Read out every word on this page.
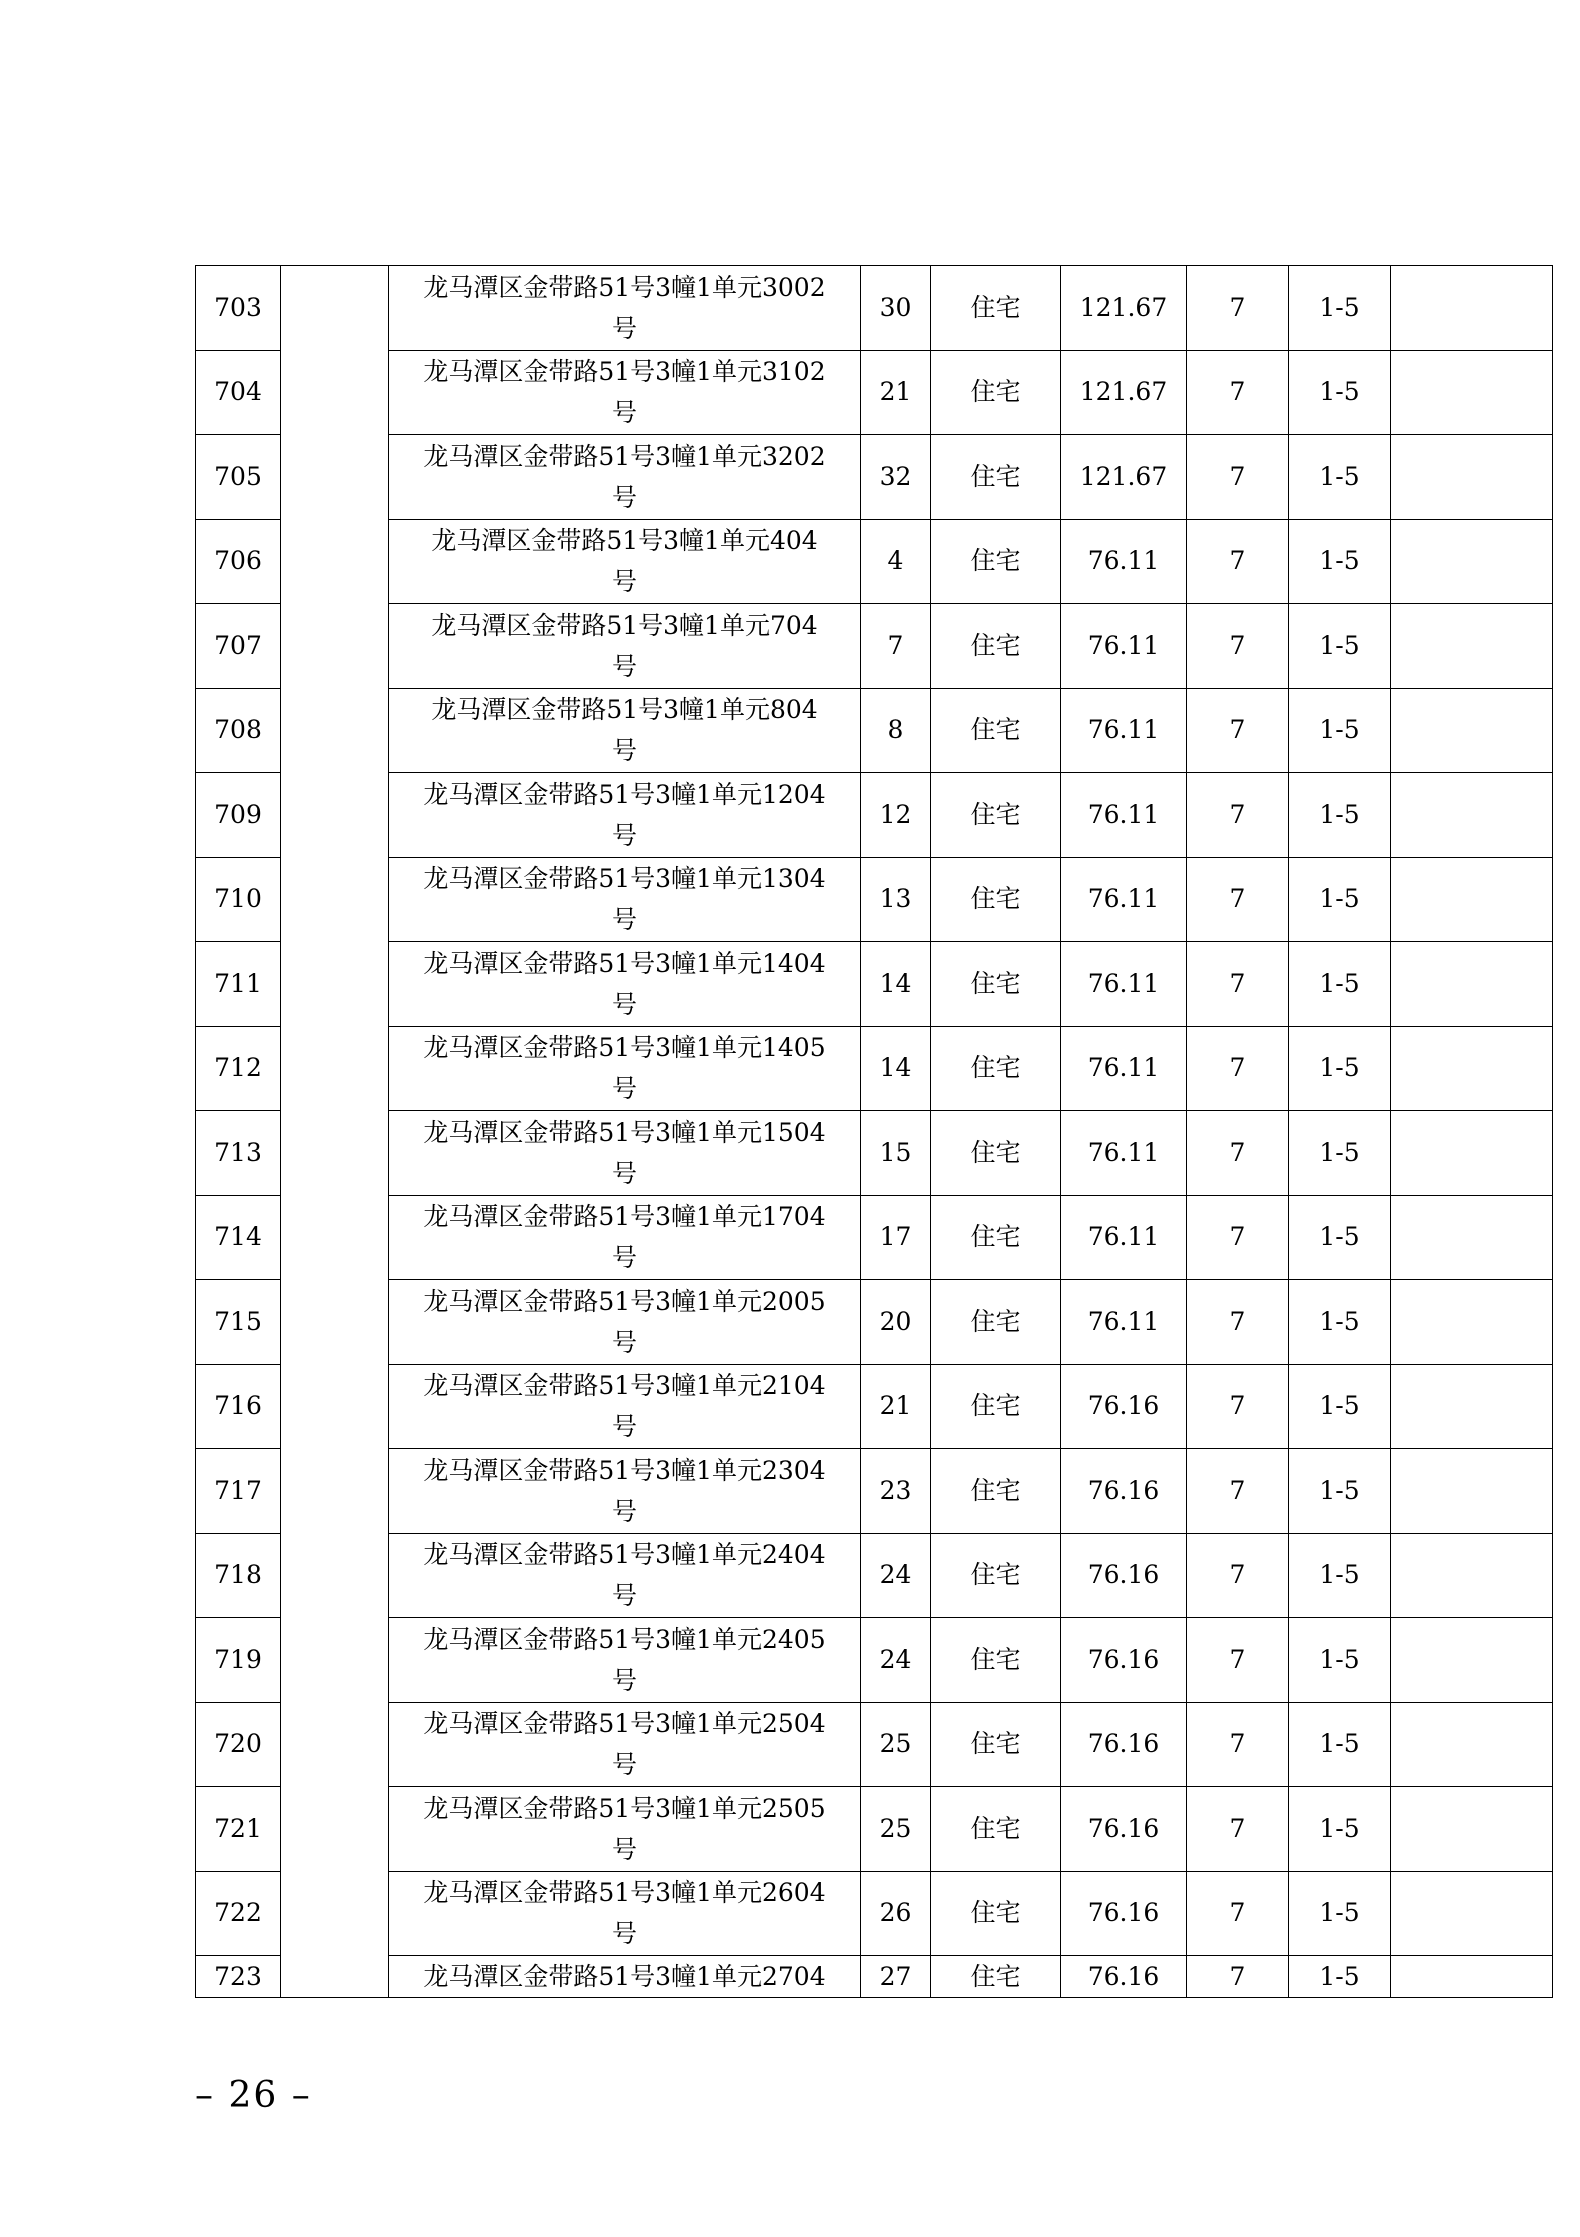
703		龙马潭区金带路51号3幢1单元3002
号	30	住宅	121.67	7	1-5	
704		龙马潭区金带路51号3幢1单元3102
号	21	住宅	121.67	7	1-5	
705		龙马潭区金带路51号3幢1单元3202
号	32	住宅	121.67	7	1-5	
706		龙马潭区金带路51号3幢1单元404
号	4	住宅	76.11	7	1-5	
707		龙马潭区金带路51号3幢1单元704
号	7	住宅	76.11	7	1-5	
708		龙马潭区金带路51号3幢1单元804
号	8	住宅	76.11	7	1-5	
709		龙马潭区金带路51号3幢1单元1204
号	12	住宅	76.11	7	1-5	
710		龙马潭区金带路51号3幢1单元1304
号	13	住宅	76.11	7	1-5	
711		龙马潭区金带路51号3幢1单元1404
号	14	住宅	76.11	7	1-5	
712		龙马潭区金带路51号3幢1单元1405
号	14	住宅	76.11	7	1-5	
713		龙马潭区金带路51号3幢1单元1504
号	15	住宅	76.11	7	1-5	
714		龙马潭区金带路51号3幢1单元1704
号	17	住宅	76.11	7	1-5	
715		龙马潭区金带路51号3幢1单元2005
号	20	住宅	76.11	7	1-5	
716		龙马潭区金带路51号3幢1单元2104
号	21	住宅	76.16	7	1-5	
717		龙马潭区金带路51号3幢1单元2304
号	23	住宅	76.16	7	1-5	
718		龙马潭区金带路51号3幢1单元2404
号	24	住宅	76.16	7	1-5	
719		龙马潭区金带路51号3幢1单元2405
号	24	住宅	76.16	7	1-5	
720		龙马潭区金带路51号3幢1单元2504
号	25	住宅	76.16	7	1-5	
721		龙马潭区金带路51号3幢1单元2505
号	25	住宅	76.16	7	1-5	
722		龙马潭区金带路51号3幢1单元2604
号	26	住宅	76.16	7	1-5	
723		龙马潭区金带路51号3幢1单元2704	27	住宅	76.16	7	1-5	
– 26 –
